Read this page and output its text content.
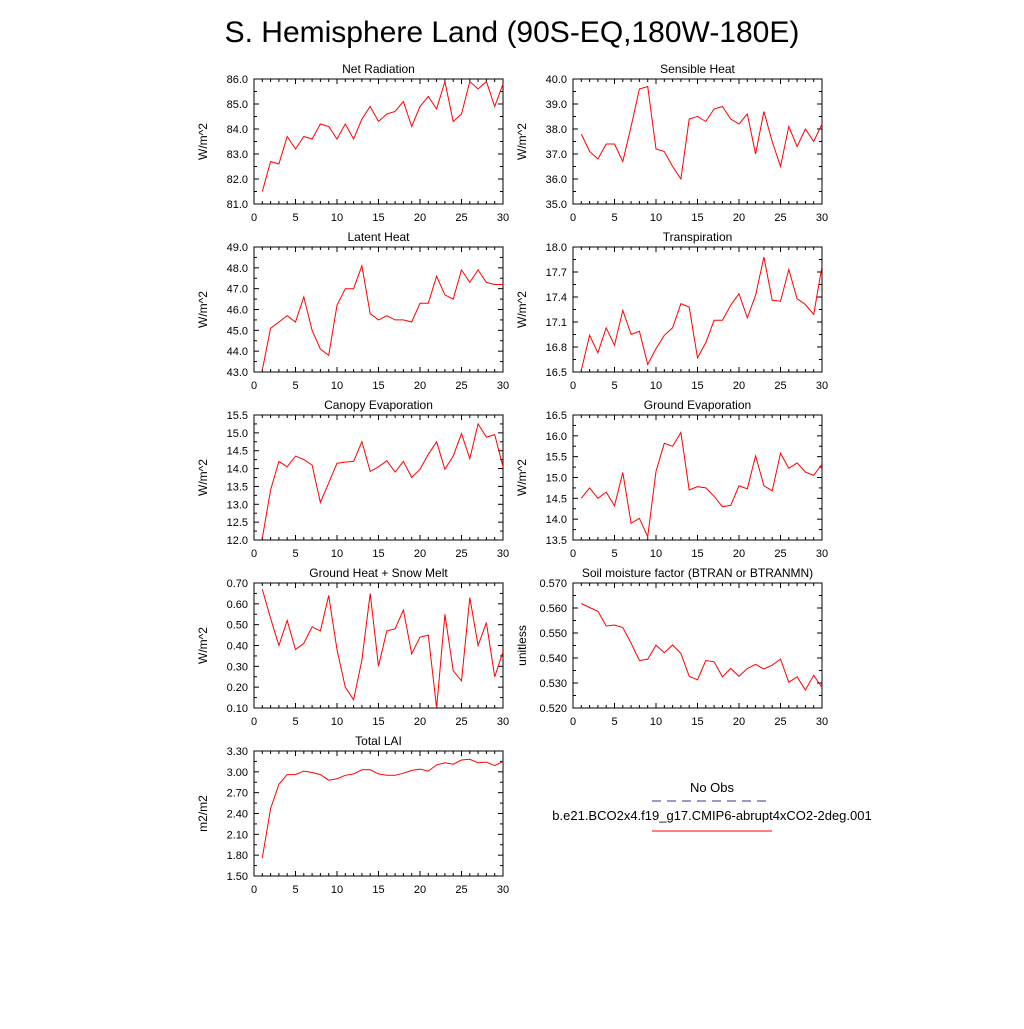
S. Hemisphere Land (90S-EQ,180W-180E)
0	5	10	15	20	25	30
81.0
82.0
83.0
84.0
85.0
86.0
Net Radiation
W/m^2
0	5	10	15	20	25	30
35.0
36.0
37.0
38.0
39.0
40.0
Sensible Heat
W/m^2
0	5	10	15	20	25	30
43.0
44.0
45.0
46.0
47.0
48.0
49.0
Latent Heat
W/m^2
0	5	10	15	20	25	30
16.5
16.8
17.1
17.4
17.7
18.0
Transpiration
W/m^2
0	5	10	15	20	25	30
12.0
12.5
13.0
13.5
14.0
14.5
15.0
15.5
Canopy Evaporation
W/m^2
0	5	10	15	20	25	30
13.5
14.0
14.5
15.0
15.5
16.0
16.5
Ground Evaporation
W/m^2
0	5	10	15	20	25	30
0.10
0.20
0.30
0.40
0.50
0.60
0.70
Ground Heat + Snow Melt
W/m^2
0	5	10	15	20	25	30
0.520
0.530
0.540
0.550
0.560
0.570
Soil moisture factor (BTRAN or BTRANMN)
unitless
0	5	10	15	20	25	30
1.50
1.80
2.10
2.40
2.70
3.00
3.30
Total LAI
m2/m2
No Obs
b.e21.BCO2x4.f19_g17.CMIP6-abrupt4xCO2-2deg.001
